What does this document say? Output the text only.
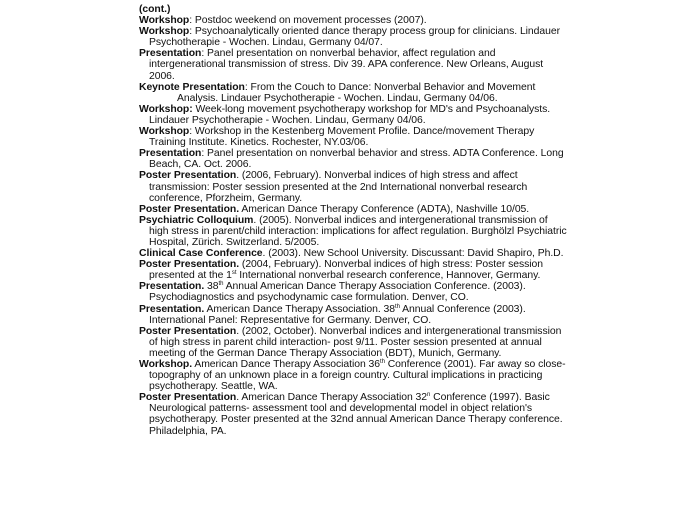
(cont.)

Workshop: Postdoc weekend on movement processes (2007).

Workshop: Psychoanalytically oriented dance therapy process group for clinicians. Lindauer Psychotherapie - Wochen. Lindau, Germany 04/07.

Presentation: Panel presentation on nonverbal behavior, affect regulation and intergenerational transmission of stress. Div 39. APA conference. New Orleans, August 2006.

Keynote Presentation: From the Couch to Dance: Nonverbal Behavior and Movement Analysis. Lindauer Psychotherapie - Wochen. Lindau, Germany 04/06.

Workshop: Week-long movement psychotherapy workshop for MD's and Psychoanalysts. Lindauer Psychotherapie - Wochen. Lindau, Germany 04/06.

Workshop: Workshop in the Kestenberg Movement Profile. Dance/movement Therapy Training Institute. Kinetics. Rochester, NY.03/06.

Presentation: Panel presentation on nonverbal behavior and stress. ADTA Conference. Long Beach, CA. Oct. 2006.

Poster Presentation. (2006, February). Nonverbal indices of high stress and affect transmission: Poster session presented at the 2nd International nonverbal research conference, Pforzheim, Germany.

Poster Presentation. American Dance Therapy Conference (ADTA), Nashville 10/05.

Psychiatric Colloquium. (2005). Nonverbal indices and intergenerational transmission of high stress in parent/child interaction: implications for affect regulation. Burghölzl Psychiatric Hospital, Zürich. Switzerland. 5/2005.

Clinical Case Conference. (2003). New School University. Discussant: David Shapiro, Ph.D.

Poster Presentation. (2004, February). Nonverbal indices of high stress: Poster session presented at the 1st International nonverbal research conference, Hannover, Germany.

Presentation. 38th Annual American Dance Therapy Association Conference. (2003). Psychodiagnostics and psychodynamic case formulation. Denver, CO.

Presentation. American Dance Therapy Association. 38th Annual Conference (2003). International Panel: Representative for Germany. Denver, CO.

Poster Presentation. (2002, October). Nonverbal indices and intergenerational transmission of high stress in parent child interaction- post 9/11. Poster session presented at annual meeting of the German Dance Therapy Association (BDT), Munich, Germany.

Workshop. American Dance Therapy Association 36th Conference (2001). Far away so close- topography of an unknown place in a foreign country. Cultural implications in practicing psychotherapy. Seattle, WA.

Poster Presentation. American Dance Therapy Association 32$^n$ Conference (1997). Basic Neurological patterns- assessment tool and developmental model in object relation's psychotherapy. Poster presented at the 32nd annual American Dance Therapy conference. Philadelphia, PA.
